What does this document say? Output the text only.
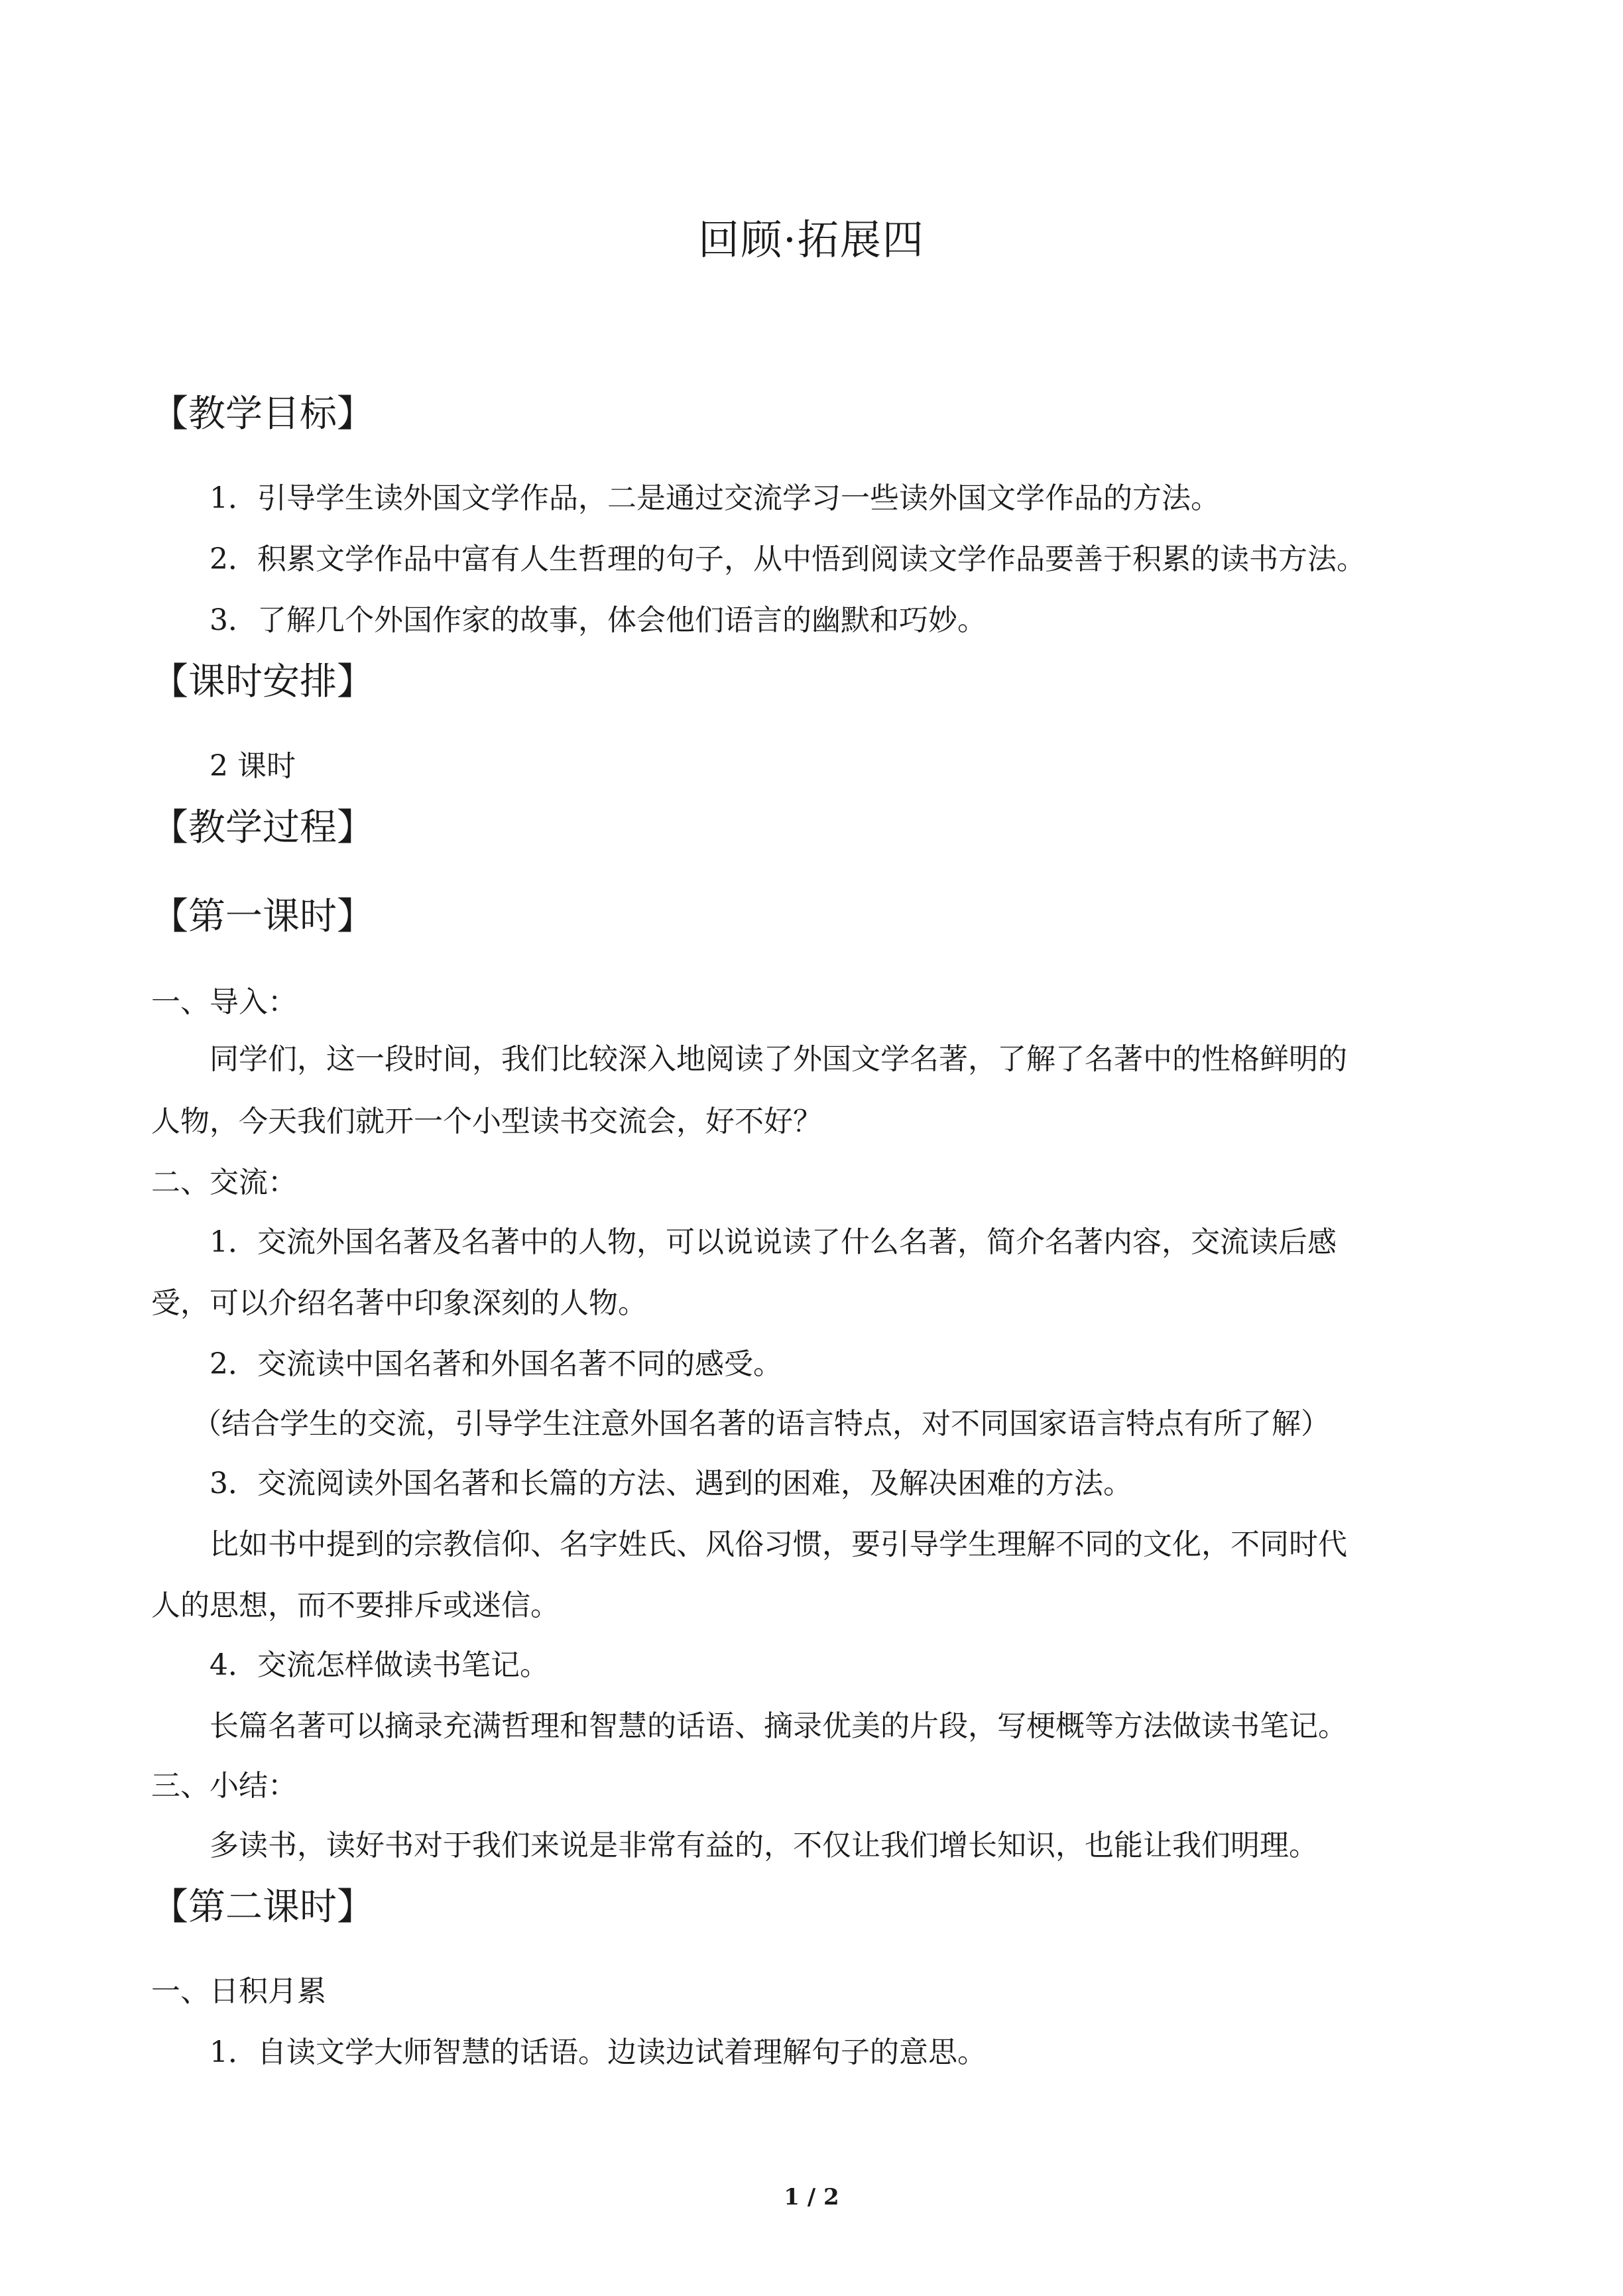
回顾·拓展四
【教学目标】
1．引导学生读外国文学作品，二是通过交流学习一些读外国文学作品的方法。
2．积累文学作品中富有人生哲理的句子，从中悟到阅读文学作品要善于积累的读书方法。
3．了解几个外国作家的故事，体会他们语言的幽默和巧妙。
【课时安排】
2 课时
【教学过程】
【第一课时】
一、导入：
同学们，这一段时间，我们比较深入地阅读了外国文学名著，了解了名著中的性格鲜明的
人物，今天我们就开一个小型读书交流会，好不好？
二、交流：
1．交流外国名著及名著中的人物，可以说说读了什么名著，简介名著内容，交流读后感
受，可以介绍名著中印象深刻的人物。
2．交流读中国名著和外国名著不同的感受。
（结合学生的交流，引导学生注意外国名著的语言特点，对不同国家语言特点有所了解）
3．交流阅读外国名著和长篇的方法、遇到的困难，及解决困难的方法。
比如书中提到的宗教信仰、名字姓氏、风俗习惯，要引导学生理解不同的文化，不同时代
人的思想，而不要排斥或迷信。
4．交流怎样做读书笔记。
长篇名著可以摘录充满哲理和智慧的话语、摘录优美的片段，写梗概等方法做读书笔记。
三、小结：
多读书，读好书对于我们来说是非常有益的，不仅让我们增长知识，也能让我们明理。
【第二课时】
一、日积月累
1．自读文学大师智慧的话语。边读边试着理解句子的意思。
1 / 2
